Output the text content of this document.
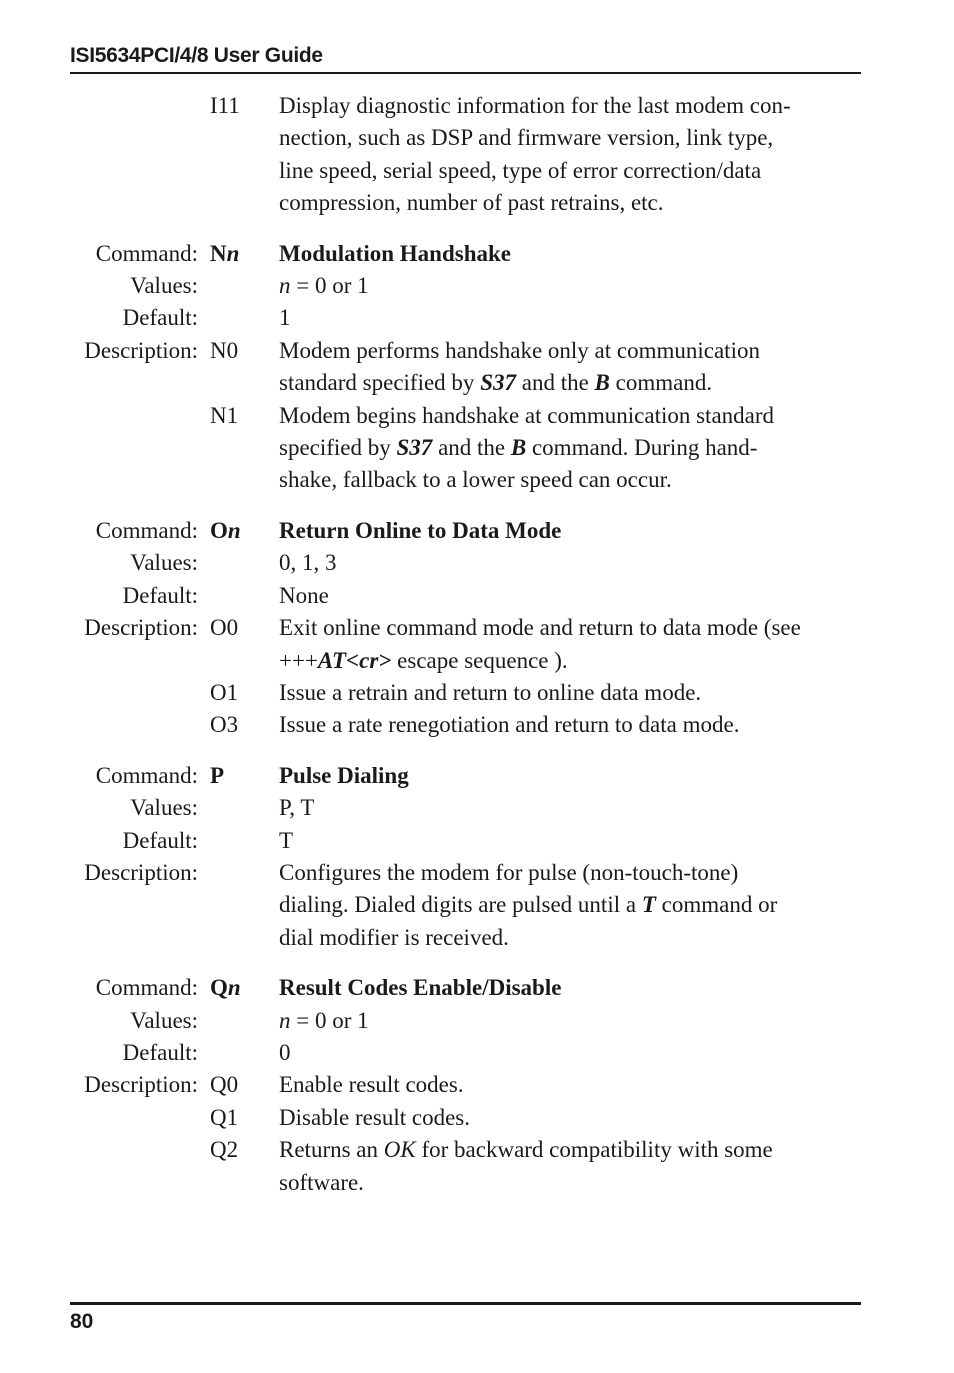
ISI5634PCI/4/8 User Guide
I11	Display diagnostic information for the last modem con-
nection, such as DSP and firmware version, link type,
line speed, serial speed, type of error correction/data
compression, number of past retrains, etc.
Command: Nn	Modulation Handshake
Values:	n = 0 or 1
Default:	1
Description: N0	Modem performs handshake only at communication
standard specified by S37 and the B command.
N1	Modem begins handshake at communication standard
specified by S37 and the B command. During hand-
shake, fallback to a lower speed can occur.
Command: On	Return Online to Data Mode
Values:	0, 1, 3
Default:	None
Description: O0	Exit online command mode and return to data mode (see
+++AT<cr> escape sequence ).
O1	Issue a retrain and return to online data mode.
O3	Issue a rate renegotiation and return to data mode.
Command: P	Pulse Dialing
Values:	P, T
Default:	T
Description:	Configures the modem for pulse (non-touch-tone)
dialing. Dialed digits are pulsed until a T command or
dial modifier is received.
Command: Qn	Result Codes Enable/Disable
Values:	n = 0 or 1
Default:	0
Description: Q0	Enable result codes.
Q1	Disable result codes.
Q2	Returns an OK for backward compatibility with some
software.
80
